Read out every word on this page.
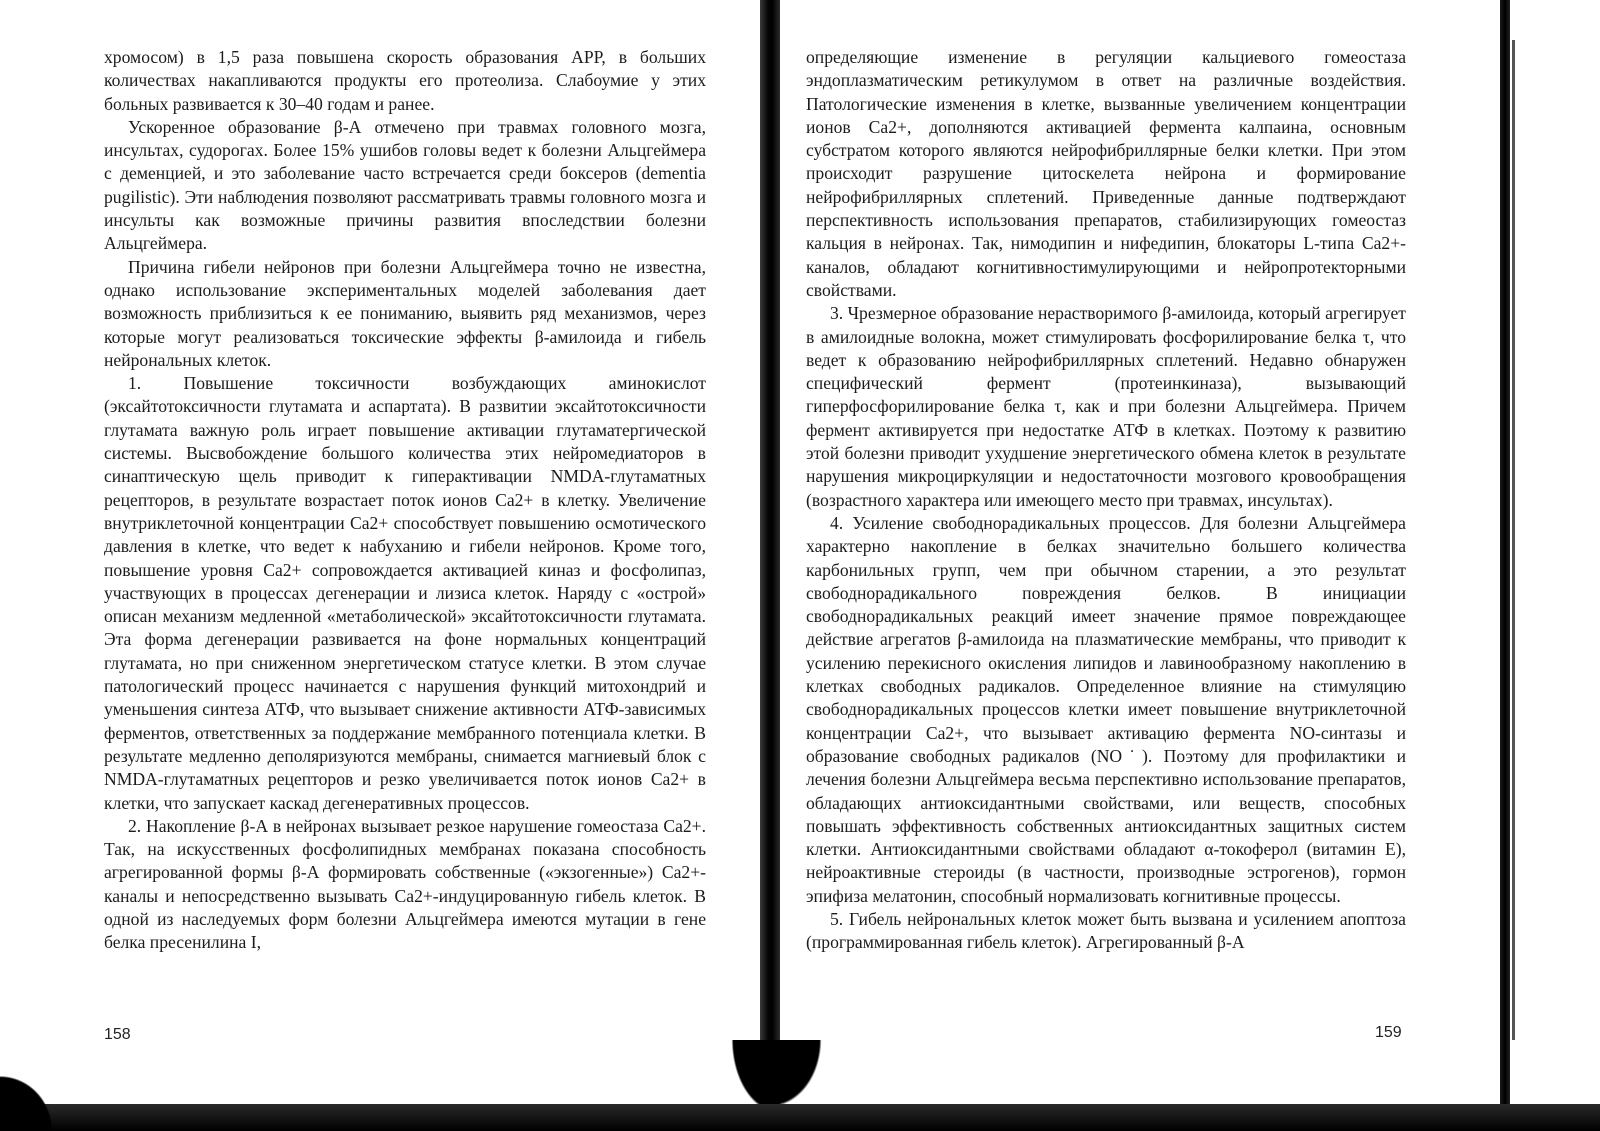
хромосом) в 1,5 раза повышена скорость образования APP, в больших количествах накапливаются продукты его протеолиза. Слабоумие у этих больных развивается к 30–40 годам и ранее.

Ускоренное образование β-А отмечено при травмах головного мозга, инсультах, судорогах. Более 15% ушибов головы ведет к болезни Альцгеймера с деменцией, и это заболевание часто встречается среди боксеров (dementia pugilistic). Эти наблюдения позволяют рассматривать травмы головного мозга и инсульты как возможные причины развития впоследствии болезни Альцгеймера.

Причина гибели нейронов при болезни Альцгеймера точно не известна, однако использование экспериментальных моделей заболевания дает возможность приблизиться к ее пониманию, выявить ряд механизмов, через которые могут реализоваться токсические эффекты β-амилоида и гибель нейрональных клеток.

1. Повышение токсичности возбуждающих аминокислот (эксайтотоксичности глутамата и аспартата). В развитии эксайтотоксичности глутамата важную роль играет повышение активации глутаматергической системы. Высвобождение большого количества этих нейромедиаторов в синаптическую щель приводит к гиперактивации NMDA-глутаматных рецепторов, в результате возрастает поток ионов Ca2+ в клетку. Увеличение внутриклеточной концентрации Ca2+ способствует повышению осмотического давления в клетке, что ведет к набуханию и гибели нейронов. Кроме того, повышение уровня Ca2+ сопровождается активацией киназ и фосфолипаз, участвующих в процессах дегенерации и лизиса клеток. Наряду с «острой» описан механизм медленной «метаболической» эксайтотоксичности глутамата. Эта форма дегенерации развивается на фоне нормальных концентраций глутамата, но при сниженном энергетическом статусе клетки. В этом случае патологический процесс начинается с нарушения функций митохондрий и уменьшения синтеза АТФ, что вызывает снижение активности АТФ-зависимых ферментов, ответственных за поддержание мембранного потенциала клетки. В результате медленно деполяризуются мембраны, снимается магниевый блок с NMDA-глутаматных рецепторов и резко увеличивается поток ионов Ca2+ в клетки, что запускает каскад дегенеративных процессов.

2. Накопление β-А в нейронах вызывает резкое нарушение гомеостаза Ca2+. Так, на искусственных фосфолипидных мембранах показана способность агрегированной формы β-А формировать собственные («экзогенные») Ca2+-каналы и непосредственно вызывать Ca2+-индуцированную гибель клеток. В одной из наследуемых форм болезни Альцгеймера имеются мутации в гене белка пресенилина I,

158

определяющие изменение в регуляции кальциевого гомеостаза эндоплазматическим ретикулумом в ответ на различные воздействия. Патологические изменения в клетке, вызванные увеличением концентрации ионов Ca2+, дополняются активацией фермента калпаина, основным субстратом которого являются нейрофибриллярные белки клетки. При этом происходит разрушение цитоскелета нейрона и формирование нейрофибриллярных сплетений. Приведенные данные подтверждают перспективность использования препаратов, стабилизирующих гомеостаз кальция в нейронах. Так, нимодипин и нифедипин, блокаторы L-типа Ca2+-каналов, обладают когнитивностимулирующими и нейропротекторными свойствами.

3. Чрезмерное образование нерастворимого β-амилоида, который агрегирует в амилоидные волокна, может стимулировать фосфорилирование белка τ, что ведет к образованию нейрофибриллярных сплетений. Недавно обнаружен специфический фермент (протеинкиназа), вызывающий гиперфосфорилирование белка τ, как и при болезни Альцгеймера. Причем фермент активируется при недостатке АТФ в клетках. Поэтому к развитию этой болезни приводит ухудшение энергетического обмена клеток в результате нарушения микроциркуляции и недостаточности мозгового кровообращения (возрастного характера или имеющего место при травмах, инсультах).

4. Усиление свободнорадикальных процессов. Для болезни Альцгеймера характерно накопление в белках значительно большего количества карбонильных групп, чем при обычном старении, а это результат свободнорадикального повреждения белков. В инициации свободнорадикальных реакций имеет значение прямое повреждающее действие агрегатов β-амилоида на плазматические мембраны, что приводит к усилению перекисного окисления липидов и лавинообразному накоплению в клетках свободных радикалов. Определенное влияние на стимуляцию свободнорадикальных процессов клетки имеет повышение внутриклеточной концентрации Ca2+, что вызывает активацию фермента NO-синтазы и образование свободных радикалов (NO˙). Поэтому для профилактики и лечения болезни Альцгеймера весьма перспективно использование препаратов, обладающих антиоксидантными свойствами, или веществ, способных повышать эффективность собственных антиоксидантных защитных систем клетки. Антиоксидантными свойствами обладают α-токоферол (витамин Е), нейроактивные стероиды (в частности, производные эстрогенов), гормон эпифиза мелатонин, способный нормализовать когнитивные процессы.

5. Гибель нейрональных клеток может быть вызвана и усилением апоптоза (программированная гибель клеток). Агрегированный β-А

159
